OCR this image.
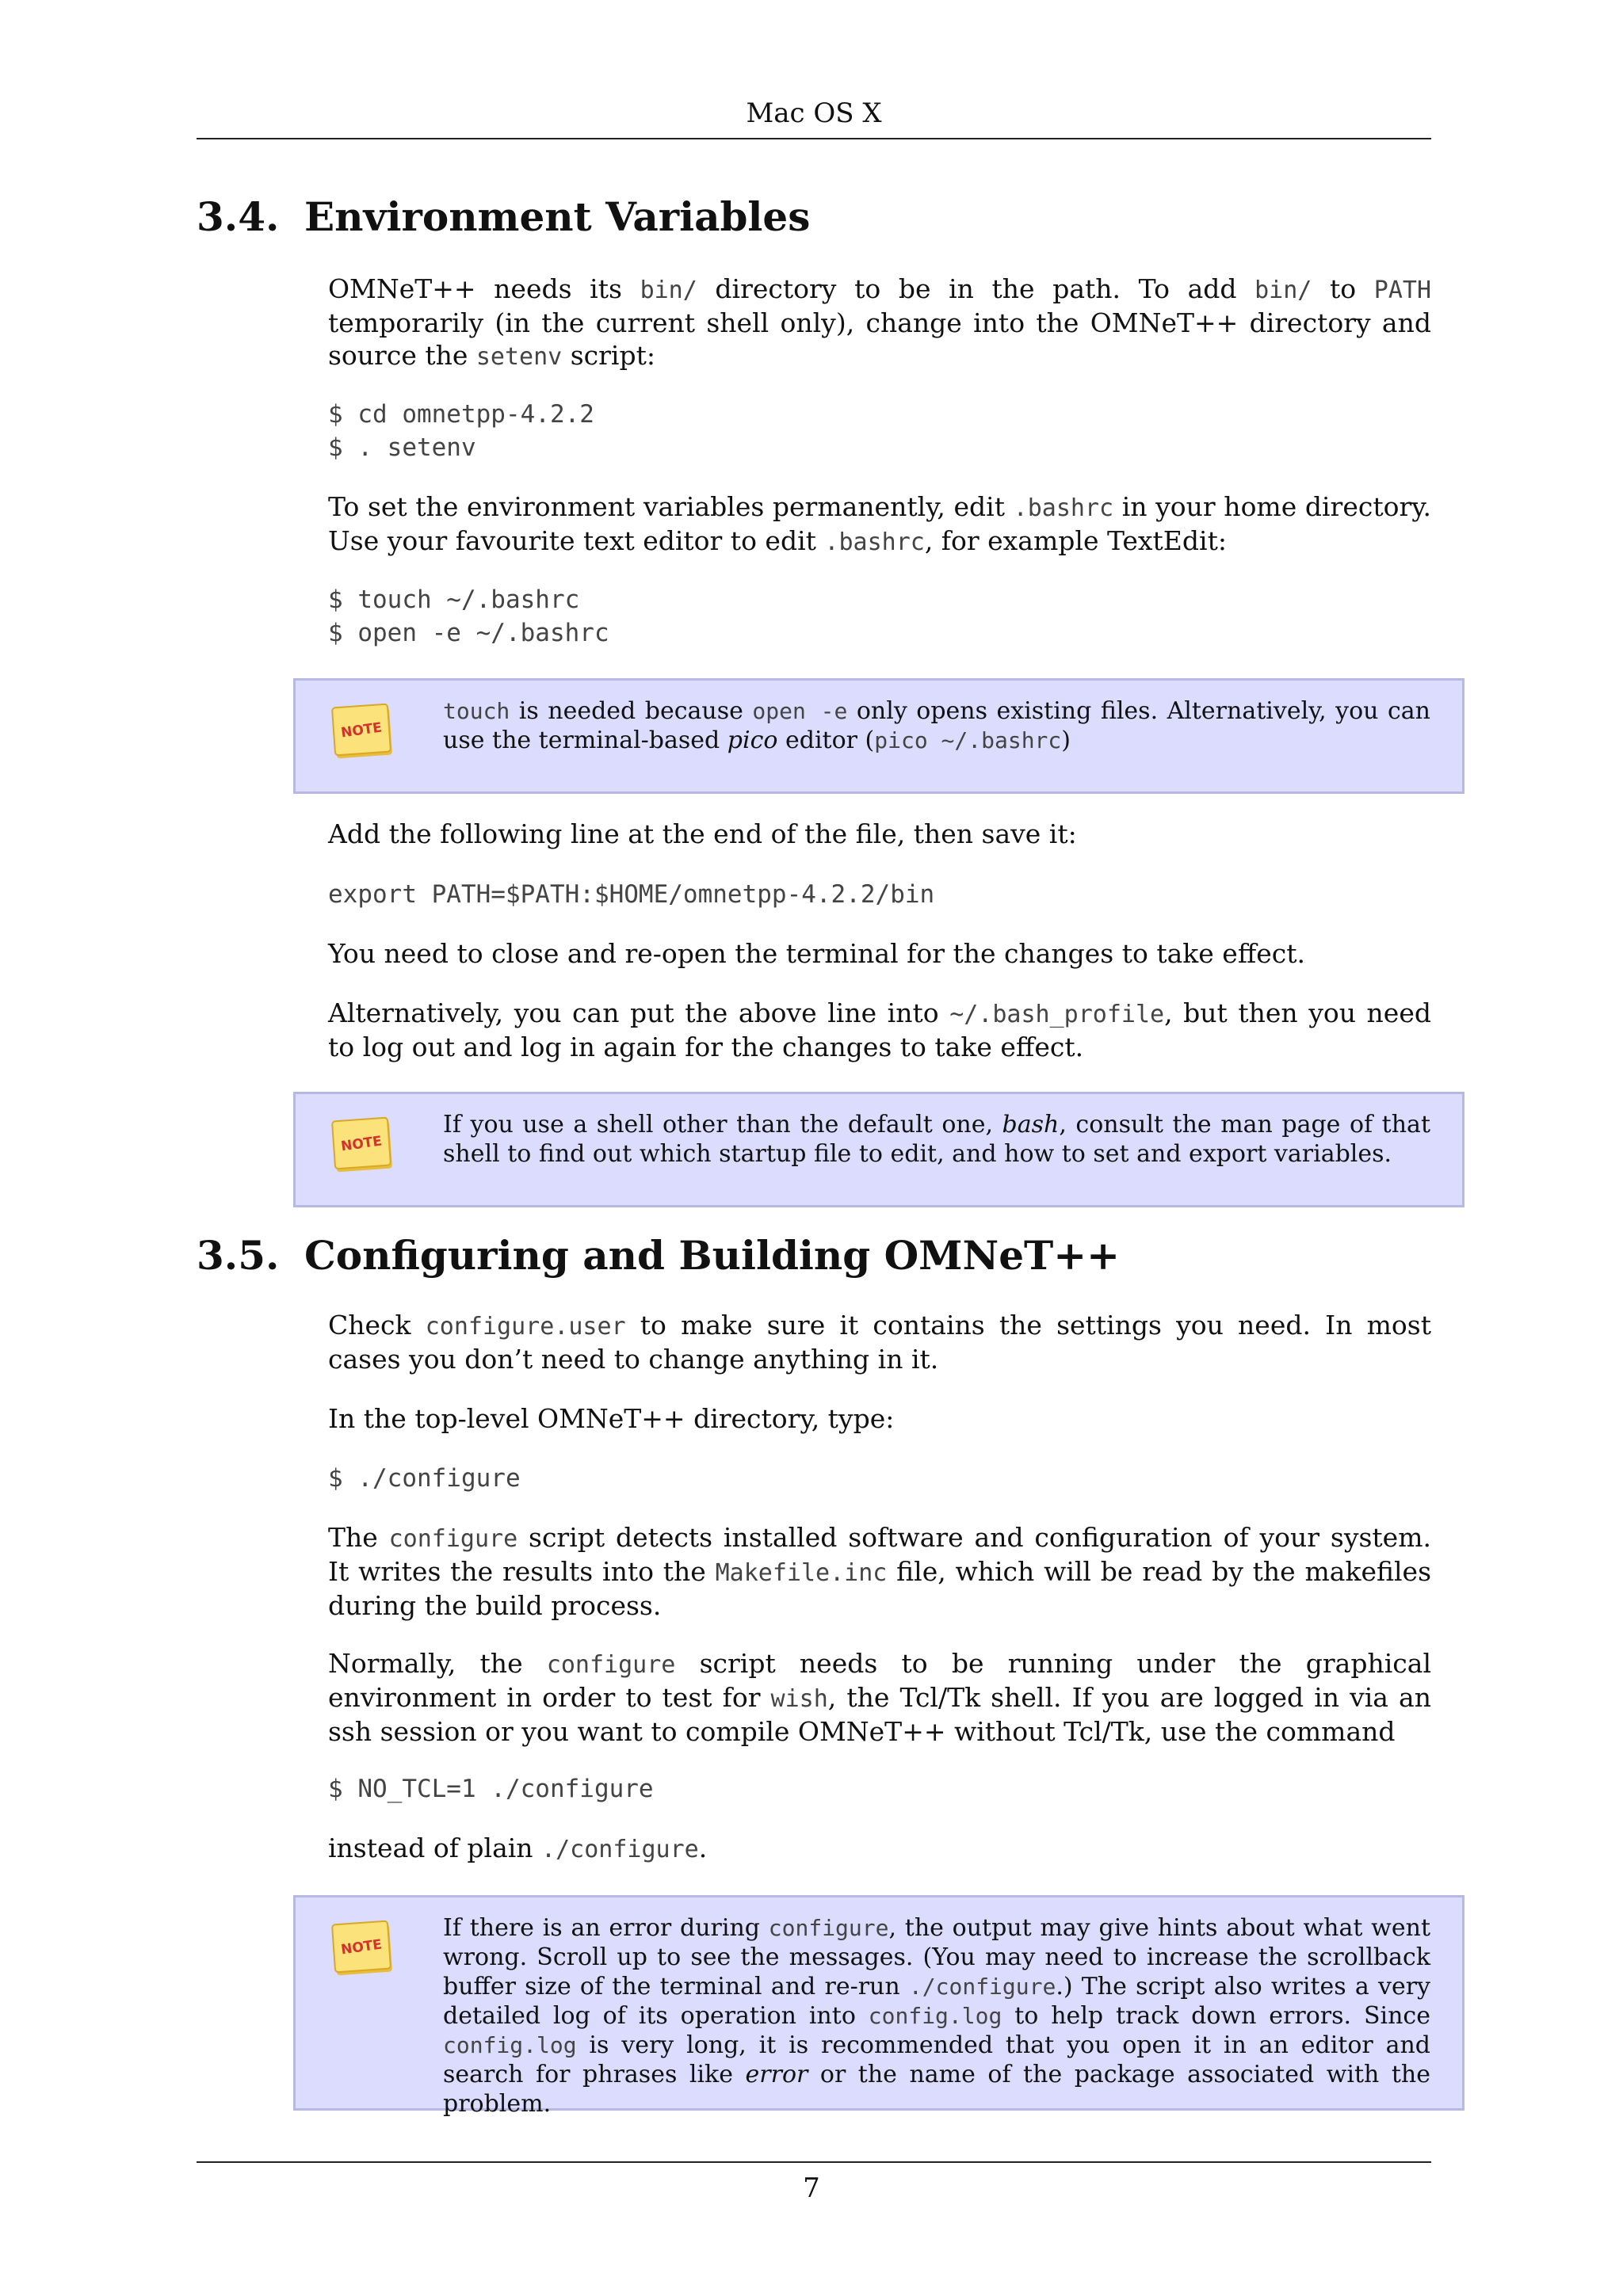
Mac OS X
3.4. Environment Variables

OMNeT++ needs its bin/ directory to be in the path. To add bin/ to PATH temporarily (in the current shell only), change into the OMNeT++ directory and source the setenv script:

$ cd omnetpp-4.2.2
$ . setenv

To set the environment variables permanently, edit .bashrc in your home directory. Use your favourite text editor to edit .bashrc, for example TextEdit:

$ touch ~/.bashrc
$ open -e ~/.bashrc
NOTE

touch is needed because open -e only opens existing files. Alternatively, you can use the terminal-based pico editor (pico ~/.bashrc)

Add the following line at the end of the file, then save it:

export PATH=$PATH:$HOME/omnetpp-4.2.2/bin

You need to close and re-open the terminal for the changes to take effect.

Alternatively, you can put the above line into ~/.bash_profile, but then you need to log out and log in again for the changes to take effect.

NOTE

If you use a shell other than the default one, bash, consult the man page of that shell to find out which startup file to edit, and how to set and export variables.

3.5. Configuring and Building OMNeT++

Check configure.user to make sure it contains the settings you need. In most cases you don’t need to change anything in it.

In the top-level OMNeT++ directory, type:

$ ./configure

The configure script detects installed software and configuration of your system. It writes the results into the Makefile.inc file, which will be read by the makefiles during the build process.

Normally, the configure script needs to be running under the graphical environment in order to test for wish, the Tcl/Tk shell. If you are logged in via an ssh session or you want to compile OMNeT++ without Tcl/Tk, use the command

$ NO_TCL=1 ./configure

instead of plain ./configure.

NOTE

If there is an error during configure, the output may give hints about what went wrong. Scroll up to see the messages. (You may need to increase the scrollback buffer size of the terminal and re-run ./configure.) The script also writes a very detailed log of its operation into config.log to help track down errors. Since config.log is very long, it is recommended that you open it in an editor and search for phrases like error or the name of the package associated with the problem.

7
